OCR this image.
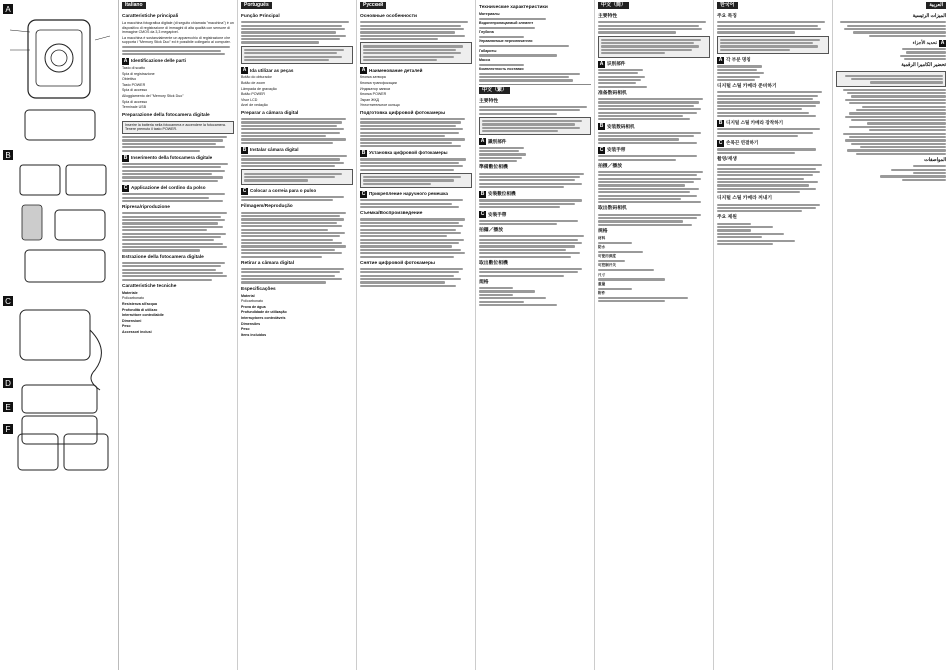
A
B
C
D
E
F
Italiano
Caratteristiche principali

La macchina fotografica digitale (di seguito chiamata "macchina") è un dispositivo di registrazione di immagini di alta qualità con sensore di immagine CMOS da 3,3 megapixel.

La macchina è sostanzialmente un apparecchio di registrazione che supporta i "Memory Stick Duo" ed è possibile collegarlo al computer.

A Identificazione delle parti

Tasto di scatto

Spia di registrazione

Obiettivo

Tasto POWER

Spia di accesso

Alloggiamento del "Memory Stick Duo"

Spia di accesso

Terminale USB

Preparazione della fotocamera digitale
Inserire la batteria nella fotocamera e accendere la fotocamera. Tenere premuto il tasto POWER.
B Inserimento della fotocamera digitale
C Applicazione del cordino da polso
Ripresa/riproduzione
Estrazione della fotocamera digitale
Caratteristiche tecniche

Materiale

Policarbonato

Resistenza all'acqua

Profondità di utilizzo

Interruttore controllabile

Dimensioni

Peso

Accessori inclusi

Português
Função Principal
A Ida utilizar as peças

Botão do obturador

Botão de zoom

Lâmpada de gravação

Botão POWER

Visor LCD

Anel de vedação

Preparar a câmara digital
B Instalar câmara digital
C Colocar a correia para o pulso
Filmagem/Reprodução
Retirar a câmara digital
Especificações

Material

Policarbonato

Prova de água

Profundidade de utilização

Interruptores controláveis

Dimensões

Peso

Itens incluídos

Русский
Основные особенности
A Наименование деталей

Кнопка затвора

Кнопка трансфокации

Индикатор записи

Кнопка POWER

Экран ЖКД

Уплотнительное кольцо

Подготовка цифровой фотокамеры
B Установка цифровой фотокамеры
C Прикрепление наручного ремешка
Съемка/Воспроизведение
Снятие цифровой фотокамеры
Технические характеристики

Материалы

Водонепроницаемый элемент

Глубина

Управляемые переключатели

Габариты

Масса

Комплектность поставки

中文（繁）
主要特性
A 識別部件
準備數位相機
B 安裝數位相機
C 安裝手帶
拍攝／播放
取出數位相機
規格
中文（简）
主要特性
A 识别部件
准备数码相机
B 安装数码相机
C 安装手带
拍摄／播放
取出数码相机
规格

材料

防水

可使用深度

可控制开关

尺寸

重量

附件

한국어
주요 특징
A 각 부분 명칭
디지털 스틸 카메라 준비하기
B 디지털 스틸 카메라 장착하기
C 손목끈 연결하기
촬영/재생
디지털 스틸 카메라 꺼내기
주요 제원
العربية
الميزات الرئيسية
A
تحديد الأجزاء
تحضير الكاميرا الرقمية
المواصفات
